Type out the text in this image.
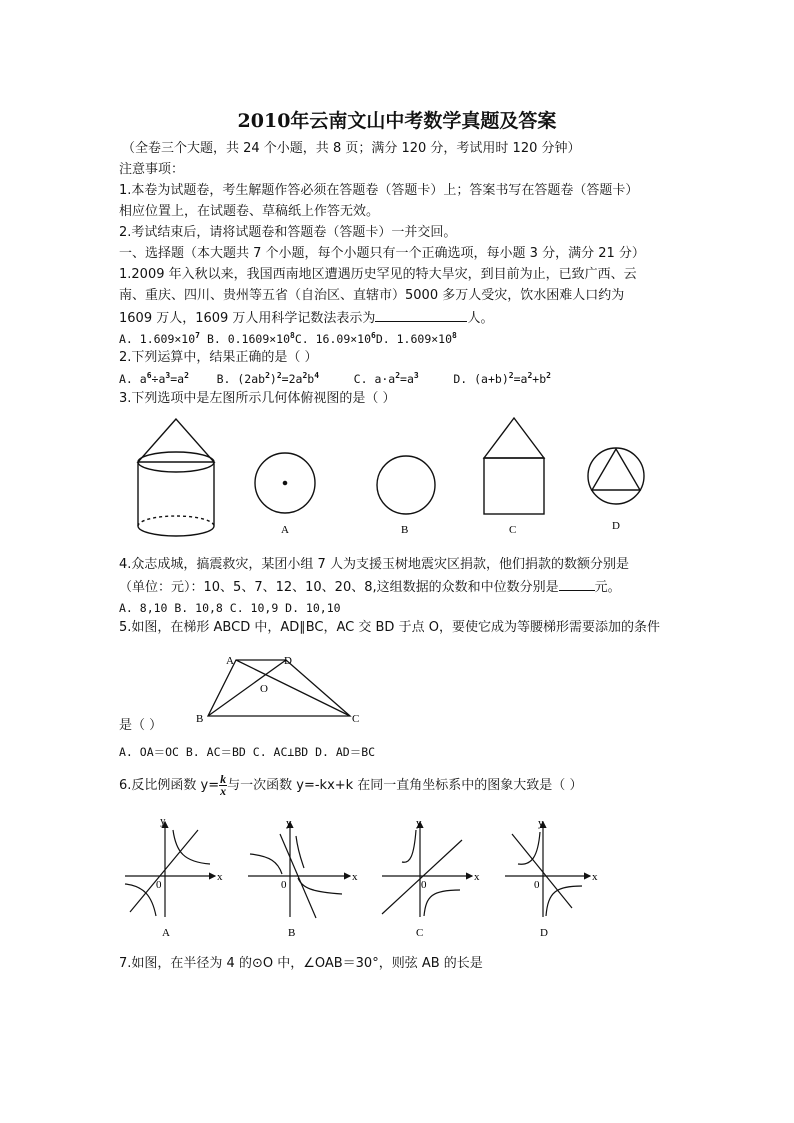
2010年云南文山中考数学真题及答案
（全卷三个大题，共 24 个小题，共 8 页；满分 120 分，考试用时 120 分钟）
注意事项：
1.本卷为试题卷，考生解题作答必须在答题卷（答题卡）上；答案书写在答题卷（答题卡）
相应位置上，在试题卷、草稿纸上作答无效。
2.考试结束后，请将试题卷和答题卷（答题卡）一并交回。
一、选择题（本大题共 7 个小题，每个小题只有一个正确选项，每小题 3 分，满分 21 分）
1.2009 年入秋以来，我国西南地区遭遇历史罕见的特大旱灾，到目前为止，已致广西、云
南、重庆、四川、贵州等五省（自治区、直辖市）5000 多万人受灾，饮水困难人口约为
1609 万人，1609 万人用科学记数法表示为	人。
A. $1.609\times 10^7$ B. $0.1609\times 10^8C$. $16.09\times 10^6D$. $1.609\times 10^8$
2.下列运算中，结果正确的是（ ）
A. $a^6\div a^3=a^2$ B. $(2ab^2)^2=2a^2b^4$	C. $a\cdot a^2=a^3$	D. $(a+b)^2=a^2+b^2$
3.下列选项中是左图所示几何体俯视图的是（ ）
A	B	C	D
4.众志成城，搞震救灾，某团小组 7 人为支援玉树地震灾区捐款，他们捐款的数额分别是
（单位：元）：10、5、7、12、10、20、8,这组数据的众数和中位数分别是	元。
A. 8,10 B. 10,8 C. 10,9 D. 10,10
5.如图，在梯形 ABCD 中，AD∥BC，AC 交 BD 于点 O，要使它成为等腰梯形需要添加的条件
A	D
O
B	C
是（ ）
A. OA＝OC B. AC＝BD C. AC⊥BD D. AD＝BC
6.反比例函数 $y= \frac{k}{x}$ 与一次函数 y=-kx+k 在同一直角坐标系中的图象大致是（ ）
x
y
0
x
y
0
x
y
0
x
y
0
A	B	C	D
7.如图，在半径为 4 的⊙O 中，∠OAB＝30°，则弦 AB 的长是
